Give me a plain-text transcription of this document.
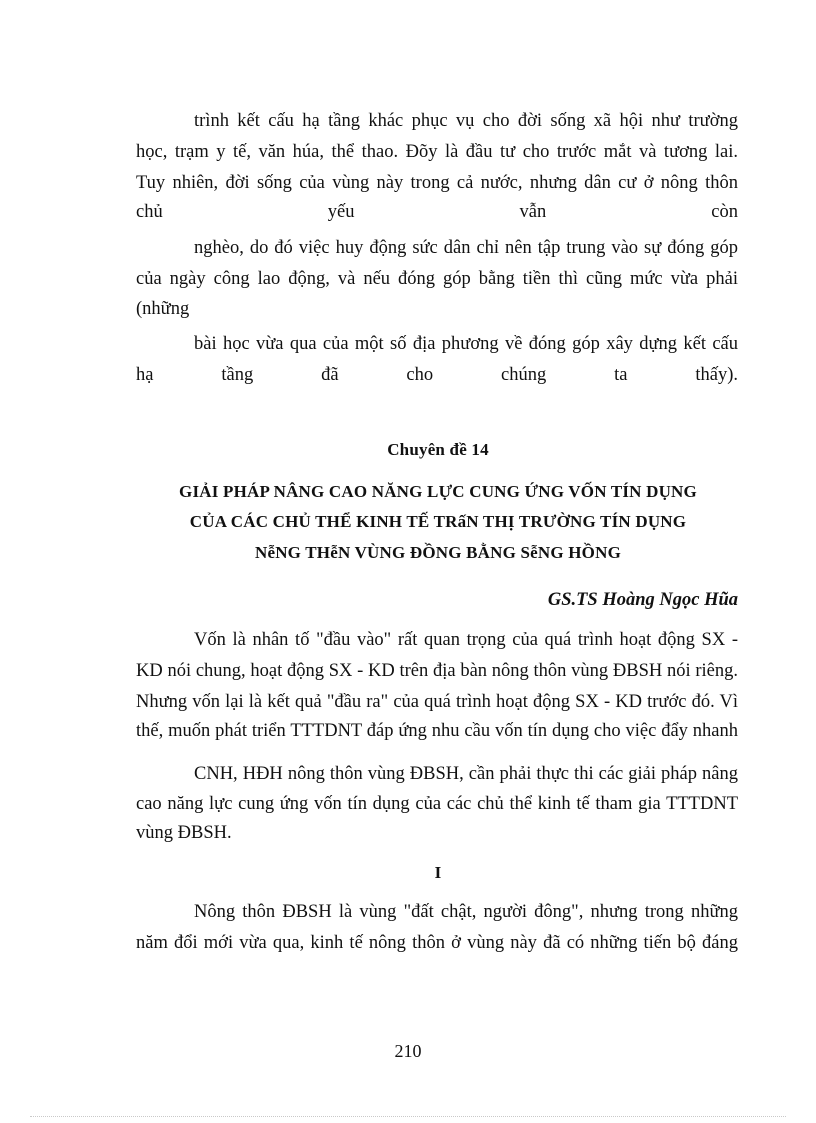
trình kết cấu hạ tầng khác phục vụ cho đời sống xã hội như trường
học, trạm y tế, văn húa, thể thao. Đõy là đầu tư cho trước mắt và tương lai.
Tuy nhiên, đời sống của vùng này trong cả nước, nhưng dân cư ở nông thôn
chủ yếu vẫn còn
nghèo, do đó việc huy động sức dân chỉ nên tập trung vào sự đóng góp
của ngày công lao động, và nếu đóng góp bằng tiền thì cũng mức vừa phải
(những
bài học vừa qua của một số địa phương về đóng góp xây dựng kết cấu
hạ tầng đã cho chúng ta thấy).
Chuyên đề 14
GIẢI PHÁP NÂNG CAO NĂNG LỰC CUNG ỨNG VỐN TÍN DỤNG
CỦA CÁC CHỦ THỂ KINH TẾ TRấN THỊ TRƯỜNG TÍN DỤNG
NễNG THễN VÙNG ĐỒNG BẰNG SễNG HỒNG
GS.TS Hoàng Ngọc Hũa
Vốn là nhân tố "đầu vào" rất quan trọng của quá trình hoạt động SX -
KD nói chung, hoạt động SX - KD trên địa bàn nông thôn vùng ĐBSH nói riêng.
Nhưng vốn lại là kết quả "đầu ra" của quá trình hoạt động SX - KD trước đó. Vì
thế, muốn phát triển TTTDNT đáp ứng nhu cầu vốn tín dụng cho việc đẩy nhanh
CNH, HĐH nông thôn vùng ĐBSH, cần phải thực thi các giải pháp nâng
cao năng lực cung ứng vốn tín dụng của các chủ thể kinh tế tham gia TTTDNT
vùng ĐBSH.
I
Nông thôn ĐBSH là vùng "đất chật, người đông", nhưng trong những
năm đổi mới vừa qua, kinh tế nông thôn ở vùng này đã có những tiến bộ đáng
210
